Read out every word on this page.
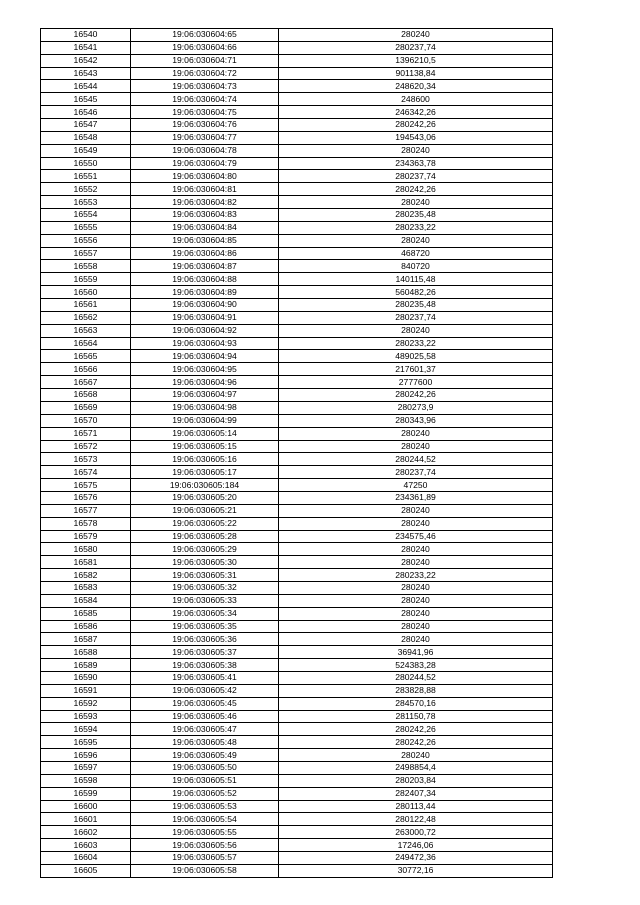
16540	19:06:030604:65	280240
16541	19:06:030604:66	280237,74
16542	19:06:030604:71	1396210,5
16543	19:06:030604:72	901138,84
16544	19:06:030604:73	248620,34
16545	19:06:030604:74	248600
16546	19:06:030604:75	246342,26
16547	19:06:030604:76	280242,26
16548	19:06:030604:77	194543,06
16549	19:06:030604:78	280240
16550	19:06:030604:79	234363,78
16551	19:06:030604:80	280237,74
16552	19:06:030604:81	280242,26
16553	19:06:030604:82	280240
16554	19:06:030604:83	280235,48
16555	19:06:030604:84	280233,22
16556	19:06:030604:85	280240
16557	19:06:030604:86	468720
16558	19:06:030604:87	840720
16559	19:06:030604:88	140115,48
16560	19:06:030604:89	560482,26
16561	19:06:030604:90	280235,48
16562	19:06:030604:91	280237,74
16563	19:06:030604:92	280240
16564	19:06:030604:93	280233,22
16565	19:06:030604:94	489025,58
16566	19:06:030604:95	217601,37
16567	19:06:030604:96	2777600
16568	19:06:030604:97	280242,26
16569	19:06:030604:98	280273,9
16570	19:06:030604:99	280343,96
16571	19:06:030605:14	280240
16572	19:06:030605:15	280240
16573	19:06:030605:16	280244,52
16574	19:06:030605:17	280237,74
16575	19:06:030605:184	47250
16576	19:06:030605:20	234361,89
16577	19:06:030605:21	280240
16578	19:06:030605:22	280240
16579	19:06:030605:28	234575,46
16580	19:06:030605:29	280240
16581	19:06:030605:30	280240
16582	19:06:030605:31	280233,22
16583	19:06:030605:32	280240
16584	19:06:030605:33	280240
16585	19:06:030605:34	280240
16586	19:06:030605:35	280240
16587	19:06:030605:36	280240
16588	19:06:030605:37	36941,96
16589	19:06:030605:38	524383,28
16590	19:06:030605:41	280244,52
16591	19:06:030605:42	283828,88
16592	19:06:030605:45	284570,16
16593	19:06:030605:46	281150,78
16594	19:06:030605:47	280242,26
16595	19:06:030605:48	280242,26
16596	19:06:030605:49	280240
16597	19:06:030605:50	2498854,4
16598	19:06:030605:51	280203,84
16599	19:06:030605:52	282407,34
16600	19:06:030605:53	280113,44
16601	19:06:030605:54	280122,48
16602	19:06:030605:55	263000,72
16603	19:06:030605:56	17246,06
16604	19:06:030605:57	249472,36
16605	19:06:030605:58	30772,16
